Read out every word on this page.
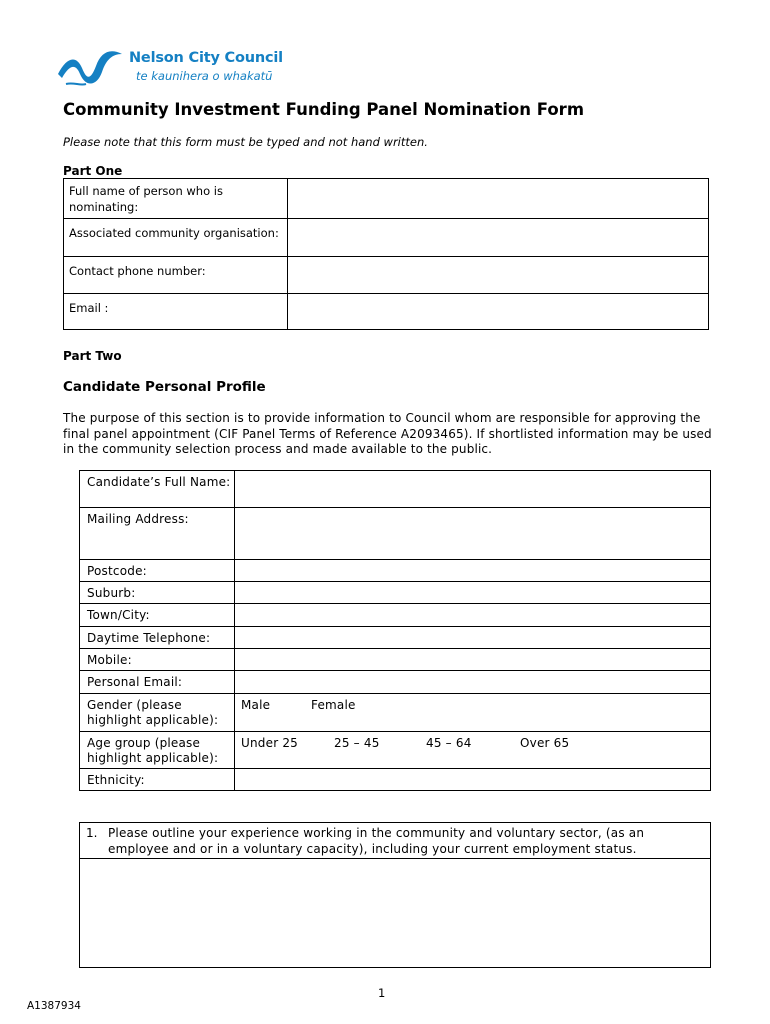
Nelson City Council
te kaunihera o whakatū
Community Investment Funding Panel Nomination Form
Please note that this form must be typed and not hand written.
Part One
Full name of person who is nominating:
Associated community organisation:
Contact phone number:
Email :
Part Two
Candidate Personal Profile
The purpose of this section is to provide information to Council whom are responsible for approving the final panel appointment (CIF Panel Terms of Reference A2093465). If shortlisted information may be used in the community selection process and made available to the public.
Candidate’s Full Name:
Mailing Address:
Postcode:
Suburb:
Town/City:
Daytime Telephone:
Mobile:
Personal Email:
Gender (please highlight applicable):
Male	Female
Age group (please highlight applicable):
Under 25	25 – 45	45 – 64	Over 65
Ethnicity:
1. Please outline your experience working in the community and voluntary sector, (as an employee and or in a voluntary capacity), including your current employment status.
1
A1387934
